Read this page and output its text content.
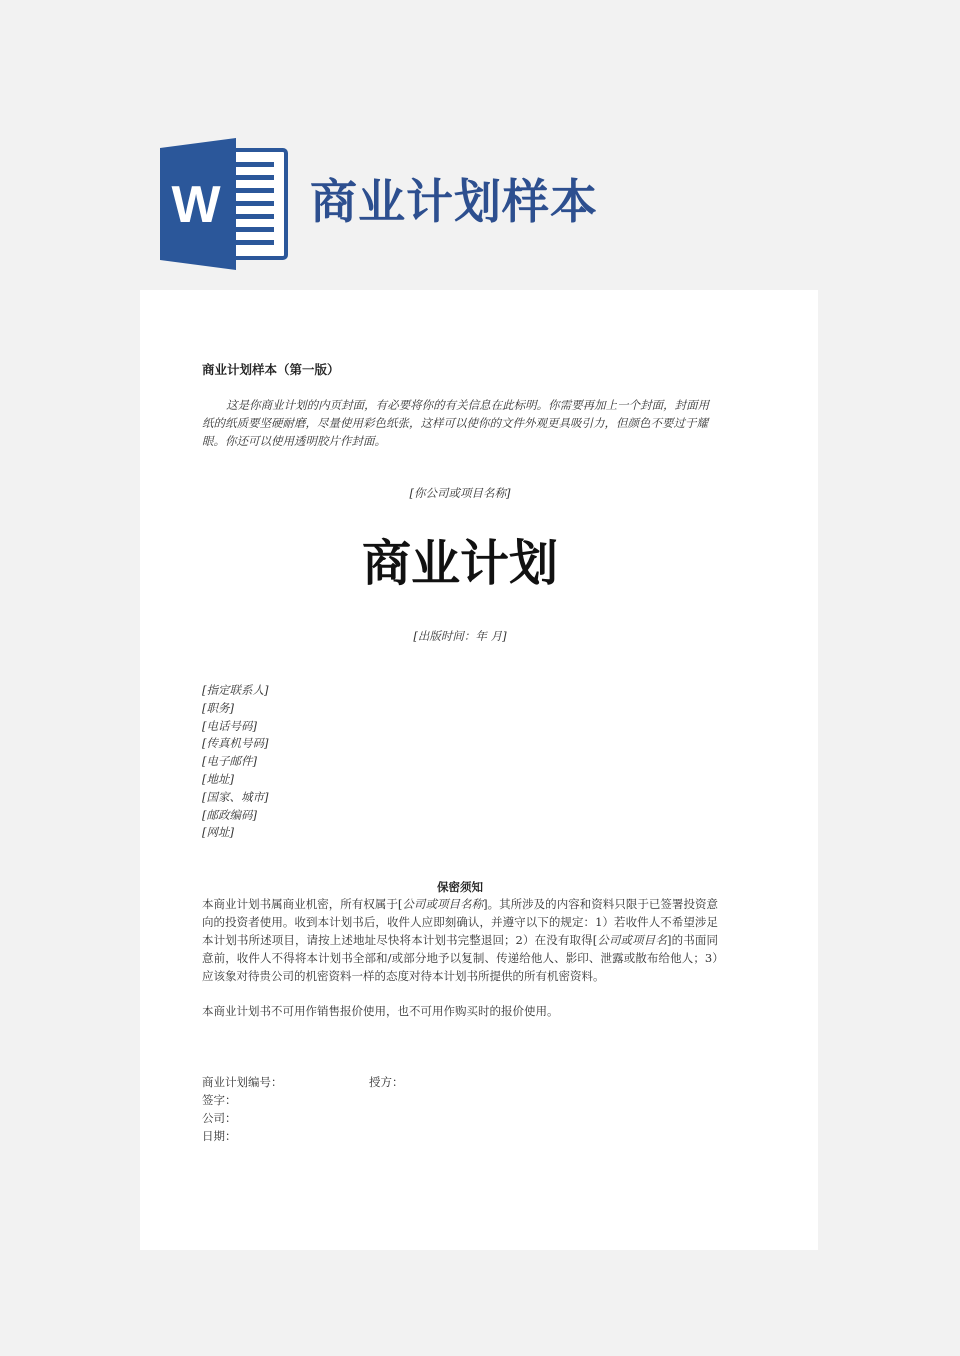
W 商业计划样本
商业计划样本（第一版）
这是你商业计划的内页封面，有必要将你的有关信息在此标明。你需要再加上一个封面，封面用纸的纸质要坚硬耐磨，尽量使用彩色纸张，这样可以使你的文件外观更具吸引力，但颜色不要过于耀眼。你还可以使用透明胶片作封面。
[你公司或项目名称]
商业计划
[出版时间：年 月]
[指定联系人]
[职务]
[电话号码]
[传真机号码]
[电子邮件]
[地址]
[国家、城市]
[邮政编码]
[网址]
保密须知
本商业计划书属商业机密，所有权属于[公司或项目名称]。其所涉及的内容和资料只限于已签署投资意向的投资者使用。收到本计划书后，收件人应即刻确认，并遵守以下的规定：1）若收件人不希望涉足本计划书所述项目，请按上述地址尽快将本计划书完整退回；2）在没有取得[公司或项目名]的书面同意前，收件人不得将本计划书全部和/或部分地予以复制、传递给他人、影印、泄露或散布给他人；3）应该象对待贵公司的机密资料一样的态度对待本计划书所提供的所有机密资料。
本商业计划书不可用作销售报价使用，也不可用作购买时的报价使用。
商业计划编号：	授方：
签字：
公司：
日期：
